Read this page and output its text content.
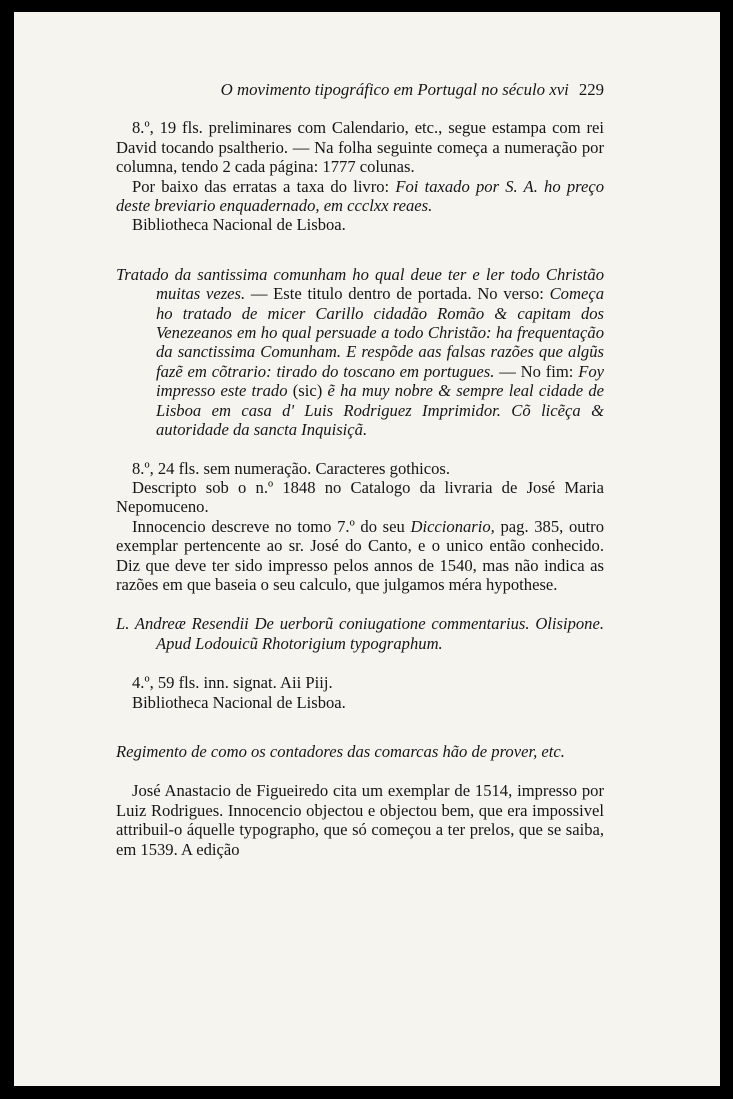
O movimento tipográfico em Portugal no século xvi 229

8.º, 19 fls. preliminares com Calendario, etc., segue estampa com rei David tocando psaltherio. — Na folha seguinte começa a numeração por columna, tendo 2 cada página: 1777 colunas.

Por baixo das erratas a taxa do livro: Foi taxado por S. A. ho preço deste breviario enquadernado, em ccclxx reaes.

Bibliotheca Nacional de Lisboa.

Tratado da santissima comunham ho qual deue ter e ler todo Christão muitas vezes. — Este titulo dentro de portada. No verso: Começa ho tratado de micer Carillo cidadão Romão & capitam dos Venezeanos em ho qual persuade a todo Christão: ha frequentação da sanctissima Comunham. E respõde aas falsas razões que algũs fazẽ em cõtrario: tirado do toscano em portugues. — No fim: Foy impresso este trado (sic) ẽ ha muy nobre & sempre leal cidade de Lisboa em casa d' Luis Rodriguez Imprimidor. Cõ licẽça & autoridade da sancta Inquisiçã.

8.º, 24 fls. sem numeração. Caracteres gothicos.

Descripto sob o n.º 1848 no Catalogo da livraria de José Maria Nepomuceno.

Innocencio descreve no tomo 7.º do seu Diccionario, pag. 385, outro exemplar pertencente ao sr. José do Canto, e o unico então conhecido. Diz que deve ter sido impresso pelos annos de 1540, mas não indica as razões em que baseia o seu calculo, que julgamos méra hypothese.

L. Andreæ Resendii De uerborũ coniugatione commentarius. Olisipone. Apud Lodouicũ Rhotorigium typographum.

4.º, 59 fls. inn. signat. Aii Piij.

Bibliotheca Nacional de Lisboa.

Regimento de como os contadores das comarcas hão de prover, etc.

José Anastacio de Figueiredo cita um exemplar de 1514, impresso por Luiz Rodrigues. Innocencio objectou e objectou bem, que era impossivel attribuil-o áquelle typographo, que só começou a ter prelos, que se saiba, em 1539. A edição
